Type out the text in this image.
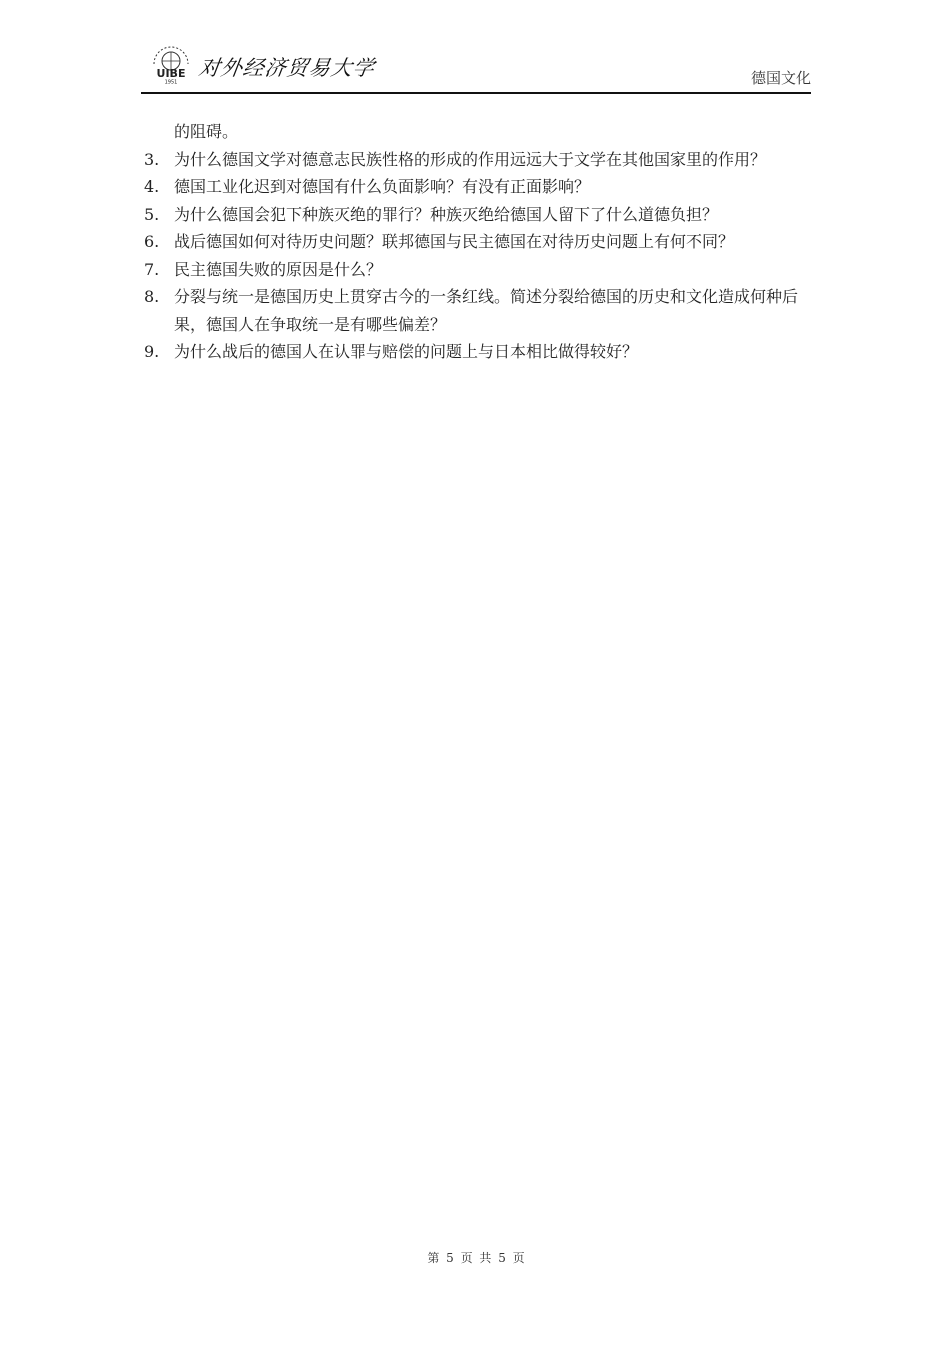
UIBE
1951
对外经济贸易大学	德国文化
的阻碍。
3. 为什么德国文学对德意志民族性格的形成的作用远远大于文学在其他国家里的作用？
4. 德国工业化迟到对德国有什么负面影响？有没有正面影响？
5. 为什么德国会犯下种族灭绝的罪行？种族灭绝给德国人留下了什么道德负担？
6. 战后德国如何对待历史问题？联邦德国与民主德国在对待历史问题上有何不同？
7. 民主德国失败的原因是什么？
8. 分裂与统一是德国历史上贯穿古今的一条红线。简述分裂给德国的历史和文化造成何种后果，德国人在争取统一是有哪些偏差？
9. 为什么战后的德国人在认罪与赔偿的问题上与日本相比做得较好？
第 5 页 共 5 页
